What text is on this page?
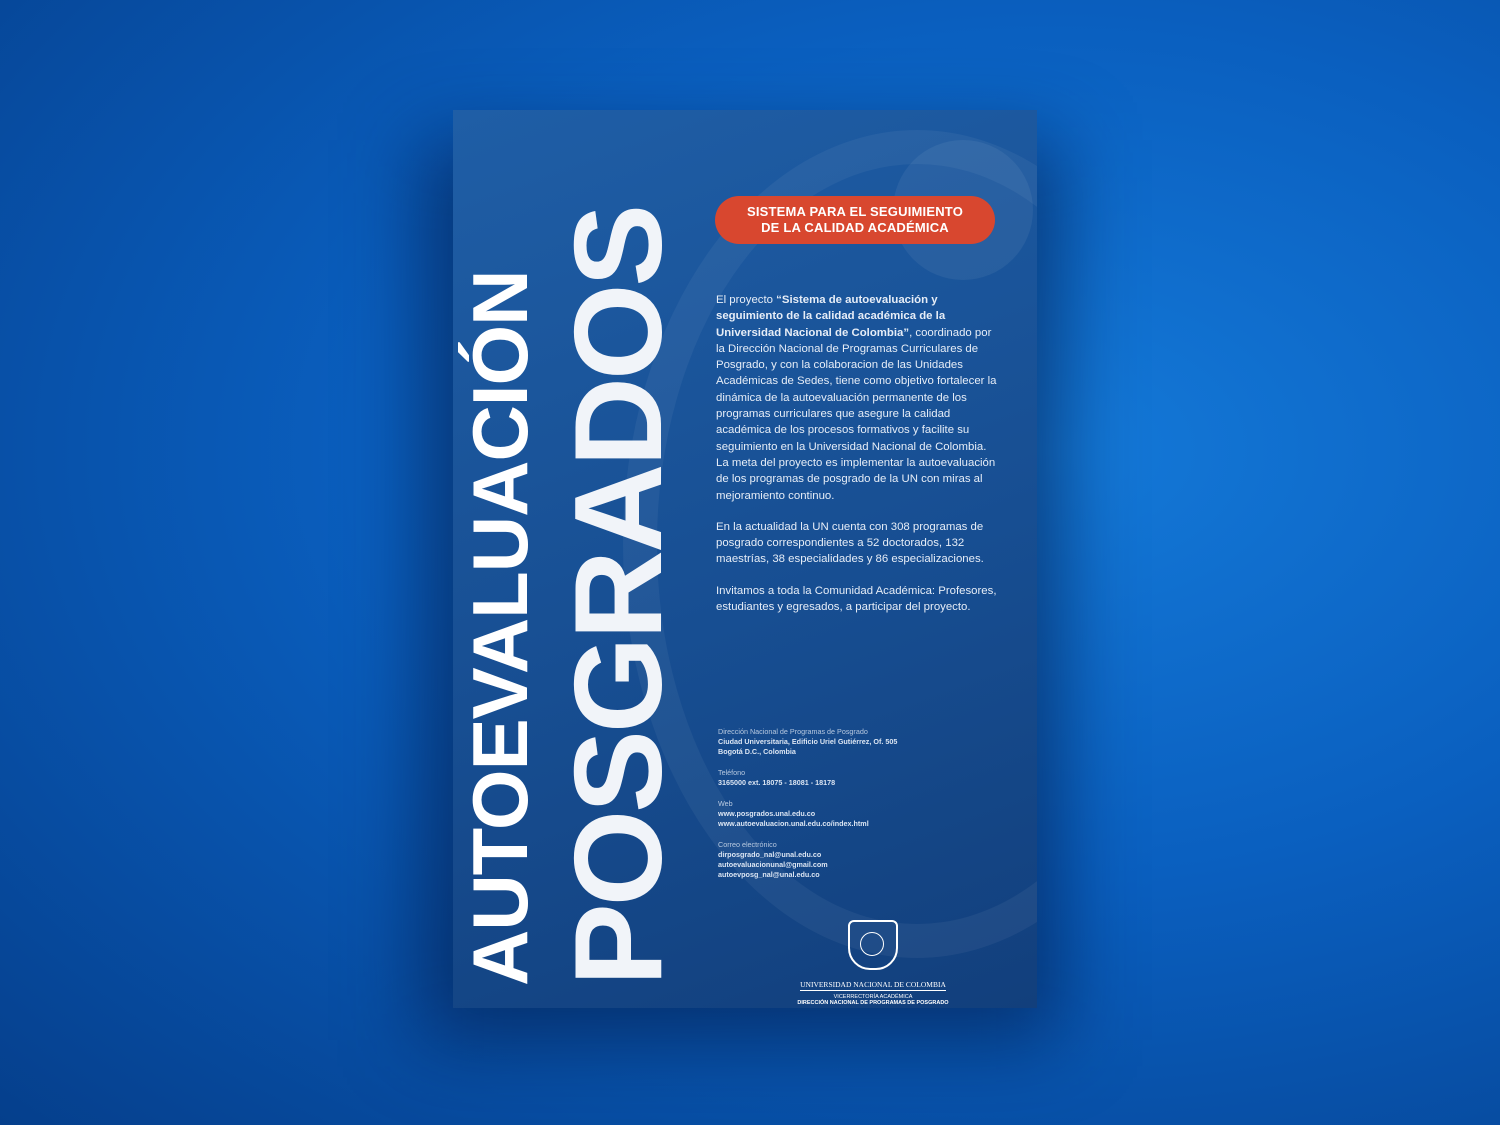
AUTOEVALUACIÓN POSGRADOS	SISTEMA PARA EL SEGUIMIENTO
DE LA CALIDAD ACADÉMICA

El proyecto “Sistema de autoevaluación y seguimiento de la calidad académica de la Universidad Nacional de Colombia”, coordinado por la Dirección Nacional de Programas Curriculares de Posgrado, y con la colaboracion de las Unidades Académicas de Sedes, tiene como objetivo fortalecer la dinámica de la autoevaluación permanente de los programas curriculares que asegure la calidad académica de los procesos formativos y facilite su seguimiento en la Universidad Nacional de Colombia. La meta del proyecto es implementar la autoevaluación de los programas de posgrado de la UN con miras al mejoramiento continuo.

En la actualidad la UN cuenta con 308 programas de posgrado correspondientes a 52 doctorados, 132 maestrías, 38 especialidades y 86 especializaciones.

Invitamos a toda la Comunidad Académica: Profesores, estudiantes y egresados, a participar del proyecto.

Dirección Nacional de Programas de Posgrado
Ciudad Universitaria, Edificio Uriel Gutiérrez, Of. 505
Bogotá D.C., Colombia
Teléfono
3165000 ext. 18075 - 18081 - 18178
Web
www.posgrados.unal.edu.co
www.autoevaluacion.unal.edu.co/index.html
Correo electrónico
dirposgrado_nal@unal.edu.co
autoevaluacionunal@gmail.com
autoevposg_nal@unal.edu.co
UNIVERSIDAD NACIONAL DE COLOMBIA
VICERRECTORÍA ACADÉMICA
DIRECCIÓN NACIONAL DE PROGRAMAS DE POSGRADO
